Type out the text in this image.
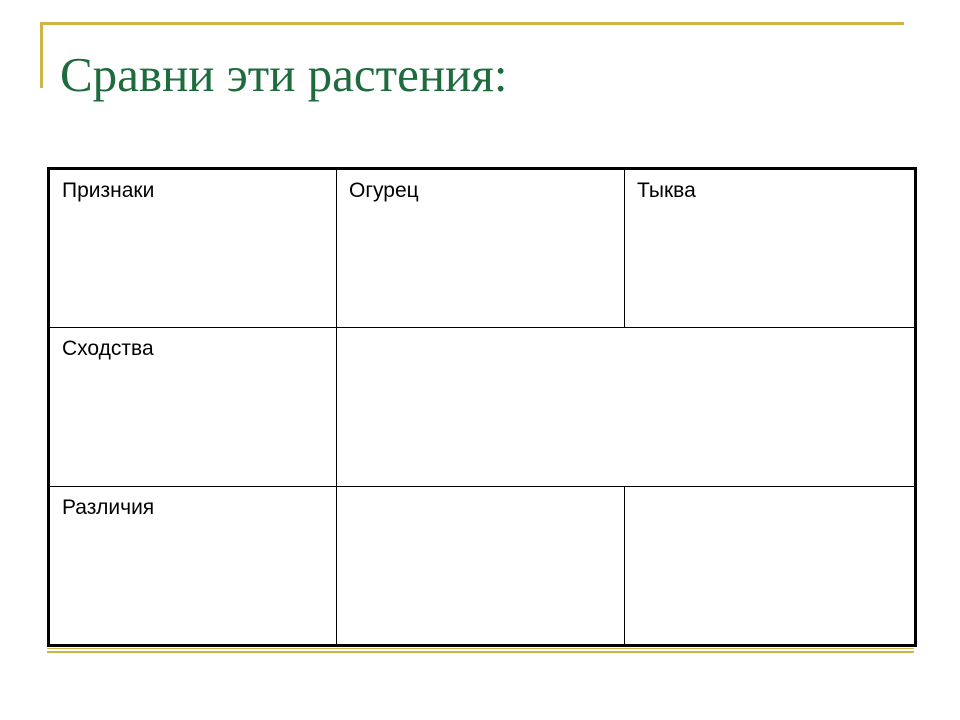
Сравни эти растения:
Признаки	Огурец	Тыква
Сходства		
Различия		
